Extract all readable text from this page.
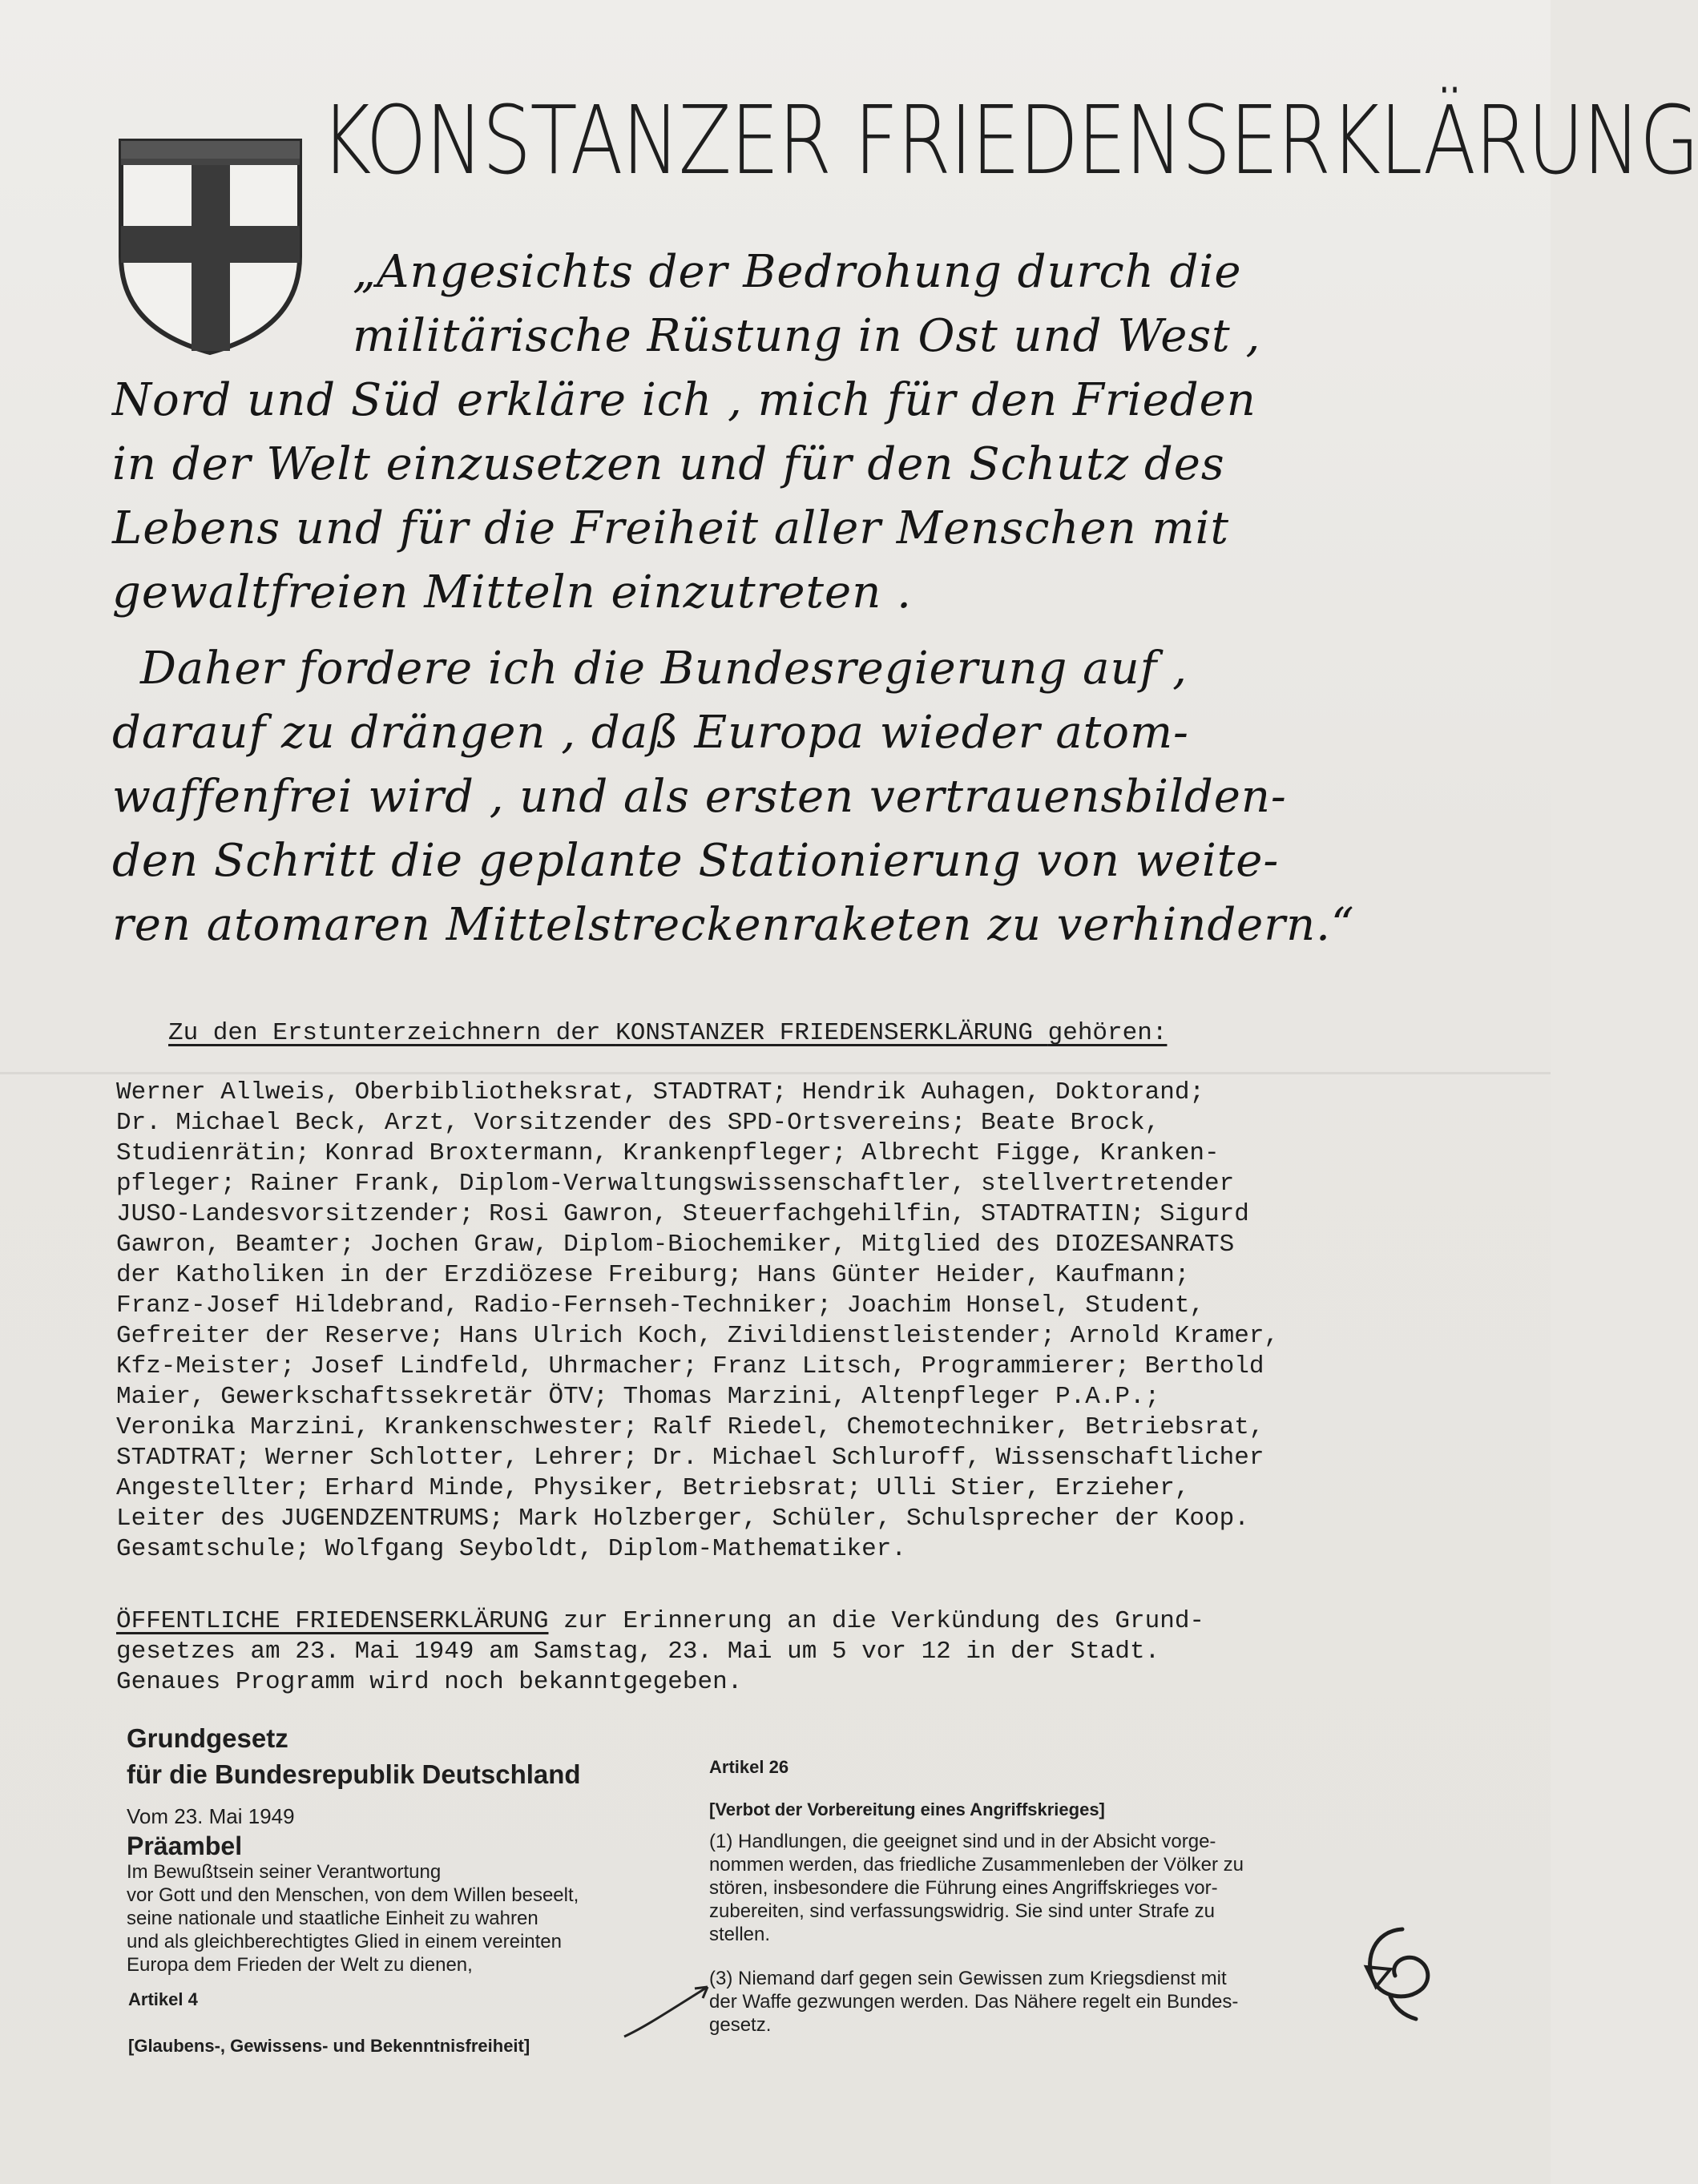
KONSTANZER FRIEDENSERKLÄRUNG
„Angesichts der Bedrohung durch die
militärische Rüstung in Ost und West ,
Nord und Süd erkläre ich , mich für den Frieden
in der Welt einzusetzen und für den Schutz des
Lebens und für die Freiheit aller Menschen mit
gewaltfreien Mitteln einzutreten .
Daher fordere ich die Bundesregierung auf ,
darauf zu drängen , daß Europa wieder atom-
waffenfrei wird , und als ersten vertrauensbilden-
den Schritt die geplante Stationierung von weite-
ren atomaren Mittelstreckenraketen zu verhindern.“
Zu den Erstunterzeichnern der KONSTANZER FRIEDENSERKLÄRUNG gehören:
Werner Allweis, Oberbibliotheksrat, STADTRAT; Hendrik Auhagen, Doktorand;
Dr. Michael Beck, Arzt, Vorsitzender des SPD-Ortsvereins; Beate Brock,
Studienrätin; Konrad Broxtermann, Krankenpfleger; Albrecht Figge, Kranken-
pfleger; Rainer Frank, Diplom-Verwaltungswissenschaftler, stellvertretender
JUSO-Landesvorsitzender; Rosi Gawron, Steuerfachgehilfin, STADTRATIN; Sigurd
Gawron, Beamter; Jochen Graw, Diplom-Biochemiker, Mitglied des DIOZESANRATS
der Katholiken in der Erzdiözese Freiburg; Hans Günter Heider, Kaufmann;
Franz-Josef Hildebrand, Radio-Fernseh-Techniker; Joachim Honsel, Student,
Gefreiter der Reserve; Hans Ulrich Koch, Zivildienstleistender; Arnold Kramer,
Kfz-Meister; Josef Lindfeld, Uhrmacher; Franz Litsch, Programmierer; Berthold
Maier, Gewerkschaftssekretär ÖTV; Thomas Marzini, Altenpfleger P.A.P.;
Veronika Marzini, Krankenschwester; Ralf Riedel, Chemotechniker, Betriebsrat,
STADTRAT; Werner Schlotter, Lehrer; Dr. Michael Schluroff, Wissenschaftlicher
Angestellter; Erhard Minde, Physiker, Betriebsrat; Ulli Stier, Erzieher,
Leiter des JUGENDZENTRUMS; Mark Holzberger, Schüler, Schulsprecher der Koop.
Gesamtschule; Wolfgang Seyboldt, Diplom-Mathematiker.
ÖFFENTLICHE FRIEDENSERKLÄRUNG zur Erinnerung an die Verkündung des Grund-
gesetzes am 23. Mai 1949 am Samstag, 23. Mai um 5 vor 12 in der Stadt.
Genaues Programm wird noch bekanntgegeben.
Grundgesetz
für die Bundesrepublik Deutschland
Vom 23. Mai 1949
Präambel
Im Bewußtsein seiner Verantwortung
vor Gott und den Menschen, von dem Willen beseelt,
seine nationale und staatliche Einheit zu wahren
und als gleichberechtigtes Glied in einem vereinten
Europa dem Frieden der Welt zu dienen,
Artikel 4
[Glaubens-, Gewissens- und Bekenntnisfreiheit]
Artikel 26
[Verbot der Vorbereitung eines Angriffskrieges]
(1) Handlungen, die geeignet sind und in der Absicht vorge-
nommen werden, das friedliche Zusammenleben der Völker zu
stören, insbesondere die Führung eines Angriffskrieges vor-
zubereiten, sind verfassungswidrig. Sie sind unter Strafe zu
stellen.
(3) Niemand darf gegen sein Gewissen zum Kriegsdienst mit
der Waffe gezwungen werden. Das Nähere regelt ein Bundes-
gesetz.
